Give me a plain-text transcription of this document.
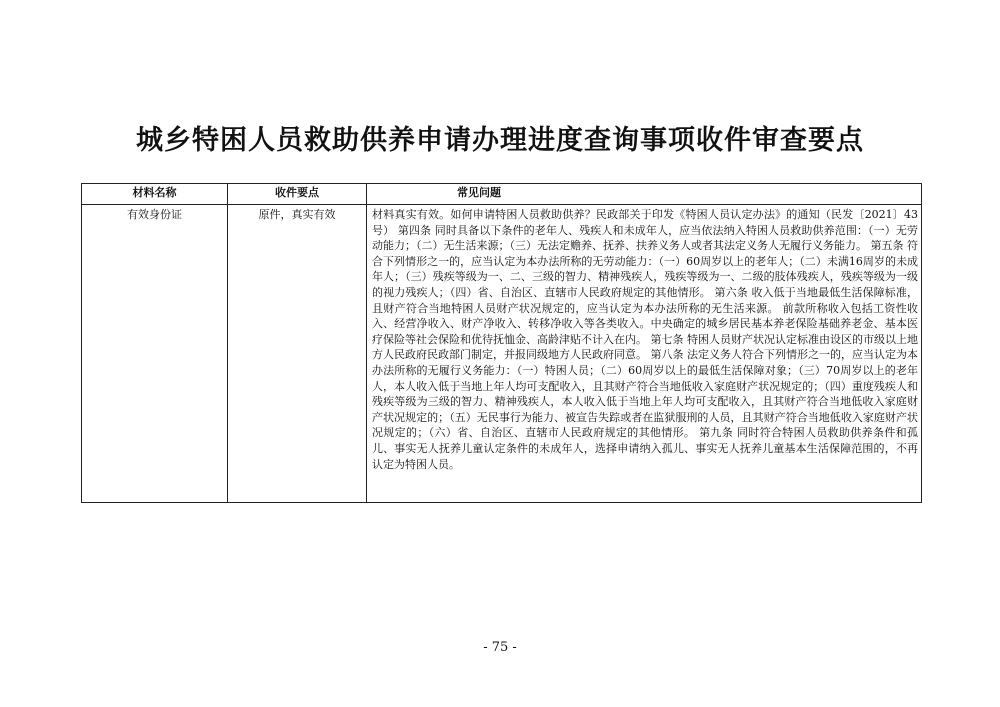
城乡特困人员救助供养申请办理进度查询事项收件审查要点
材料名称	收件要点	常见问题
有效身份证	原件，真实有效	材料真实有效。如何申请特困人员救助供养？民政部关于印发《特困人员认定办法》的通知（民发〔2021〕43号） 第四条 同时具备以下条件的老年人、残疾人和未成年人，应当依法纳入特困人员救助供养范围：（一）无劳动能力；（二）无生活来源；（三）无法定赡养、抚养、扶养义务人或者其法定义务人无履行义务能力。 第五条 符合下列情形之一的，应当认定为本办法所称的无劳动能力：（一）60周岁以上的老年人；（二）未满16周岁的未成年人；（三）残疾等级为一、二、三级的智力、精神残疾人，残疾等级为一、二级的肢体残疾人，残疾等级为一级的视力残疾人；（四）省、自治区、直辖市人民政府规定的其他情形。 第六条 收入低于当地最低生活保障标准，且财产符合当地特困人员财产状况规定的，应当认定为本办法所称的无生活来源。 前款所称收入包括工资性收入、经营净收入、财产净收入、转移净收入等各类收入。中央确定的城乡居民基本养老保险基础养老金、基本医疗保险等社会保险和优待抚恤金、高龄津贴不计入在内。 第七条 特困人员财产状况认定标准由设区的市级以上地方人民政府民政部门制定，并报同级地方人民政府同意。 第八条 法定义务人符合下列情形之一的，应当认定为本办法所称的无履行义务能力：（一）特困人员；（二）60周岁以上的最低生活保障对象；（三）70周岁以上的老年人，本人收入低于当地上年人均可支配收入，且其财产符合当地低收入家庭财产状况规定的；（四）重度残疾人和残疾等级为三级的智力、精神残疾人，本人收入低于当地上年人均可支配收入，且其财产符合当地低收入家庭财产状况规定的；（五）无民事行为能力、被宣告失踪或者在监狱服刑的人员，且其财产符合当地低收入家庭财产状况规定的；（六）省、自治区、直辖市人民政府规定的其他情形。 第九条 同时符合特困人员救助供养条件和孤儿、事实无人抚养儿童认定条件的未成年人，选择申请纳入孤儿、事实无人抚养儿童基本生活保障范围的，不再认定为特困人员。
- 75 -
